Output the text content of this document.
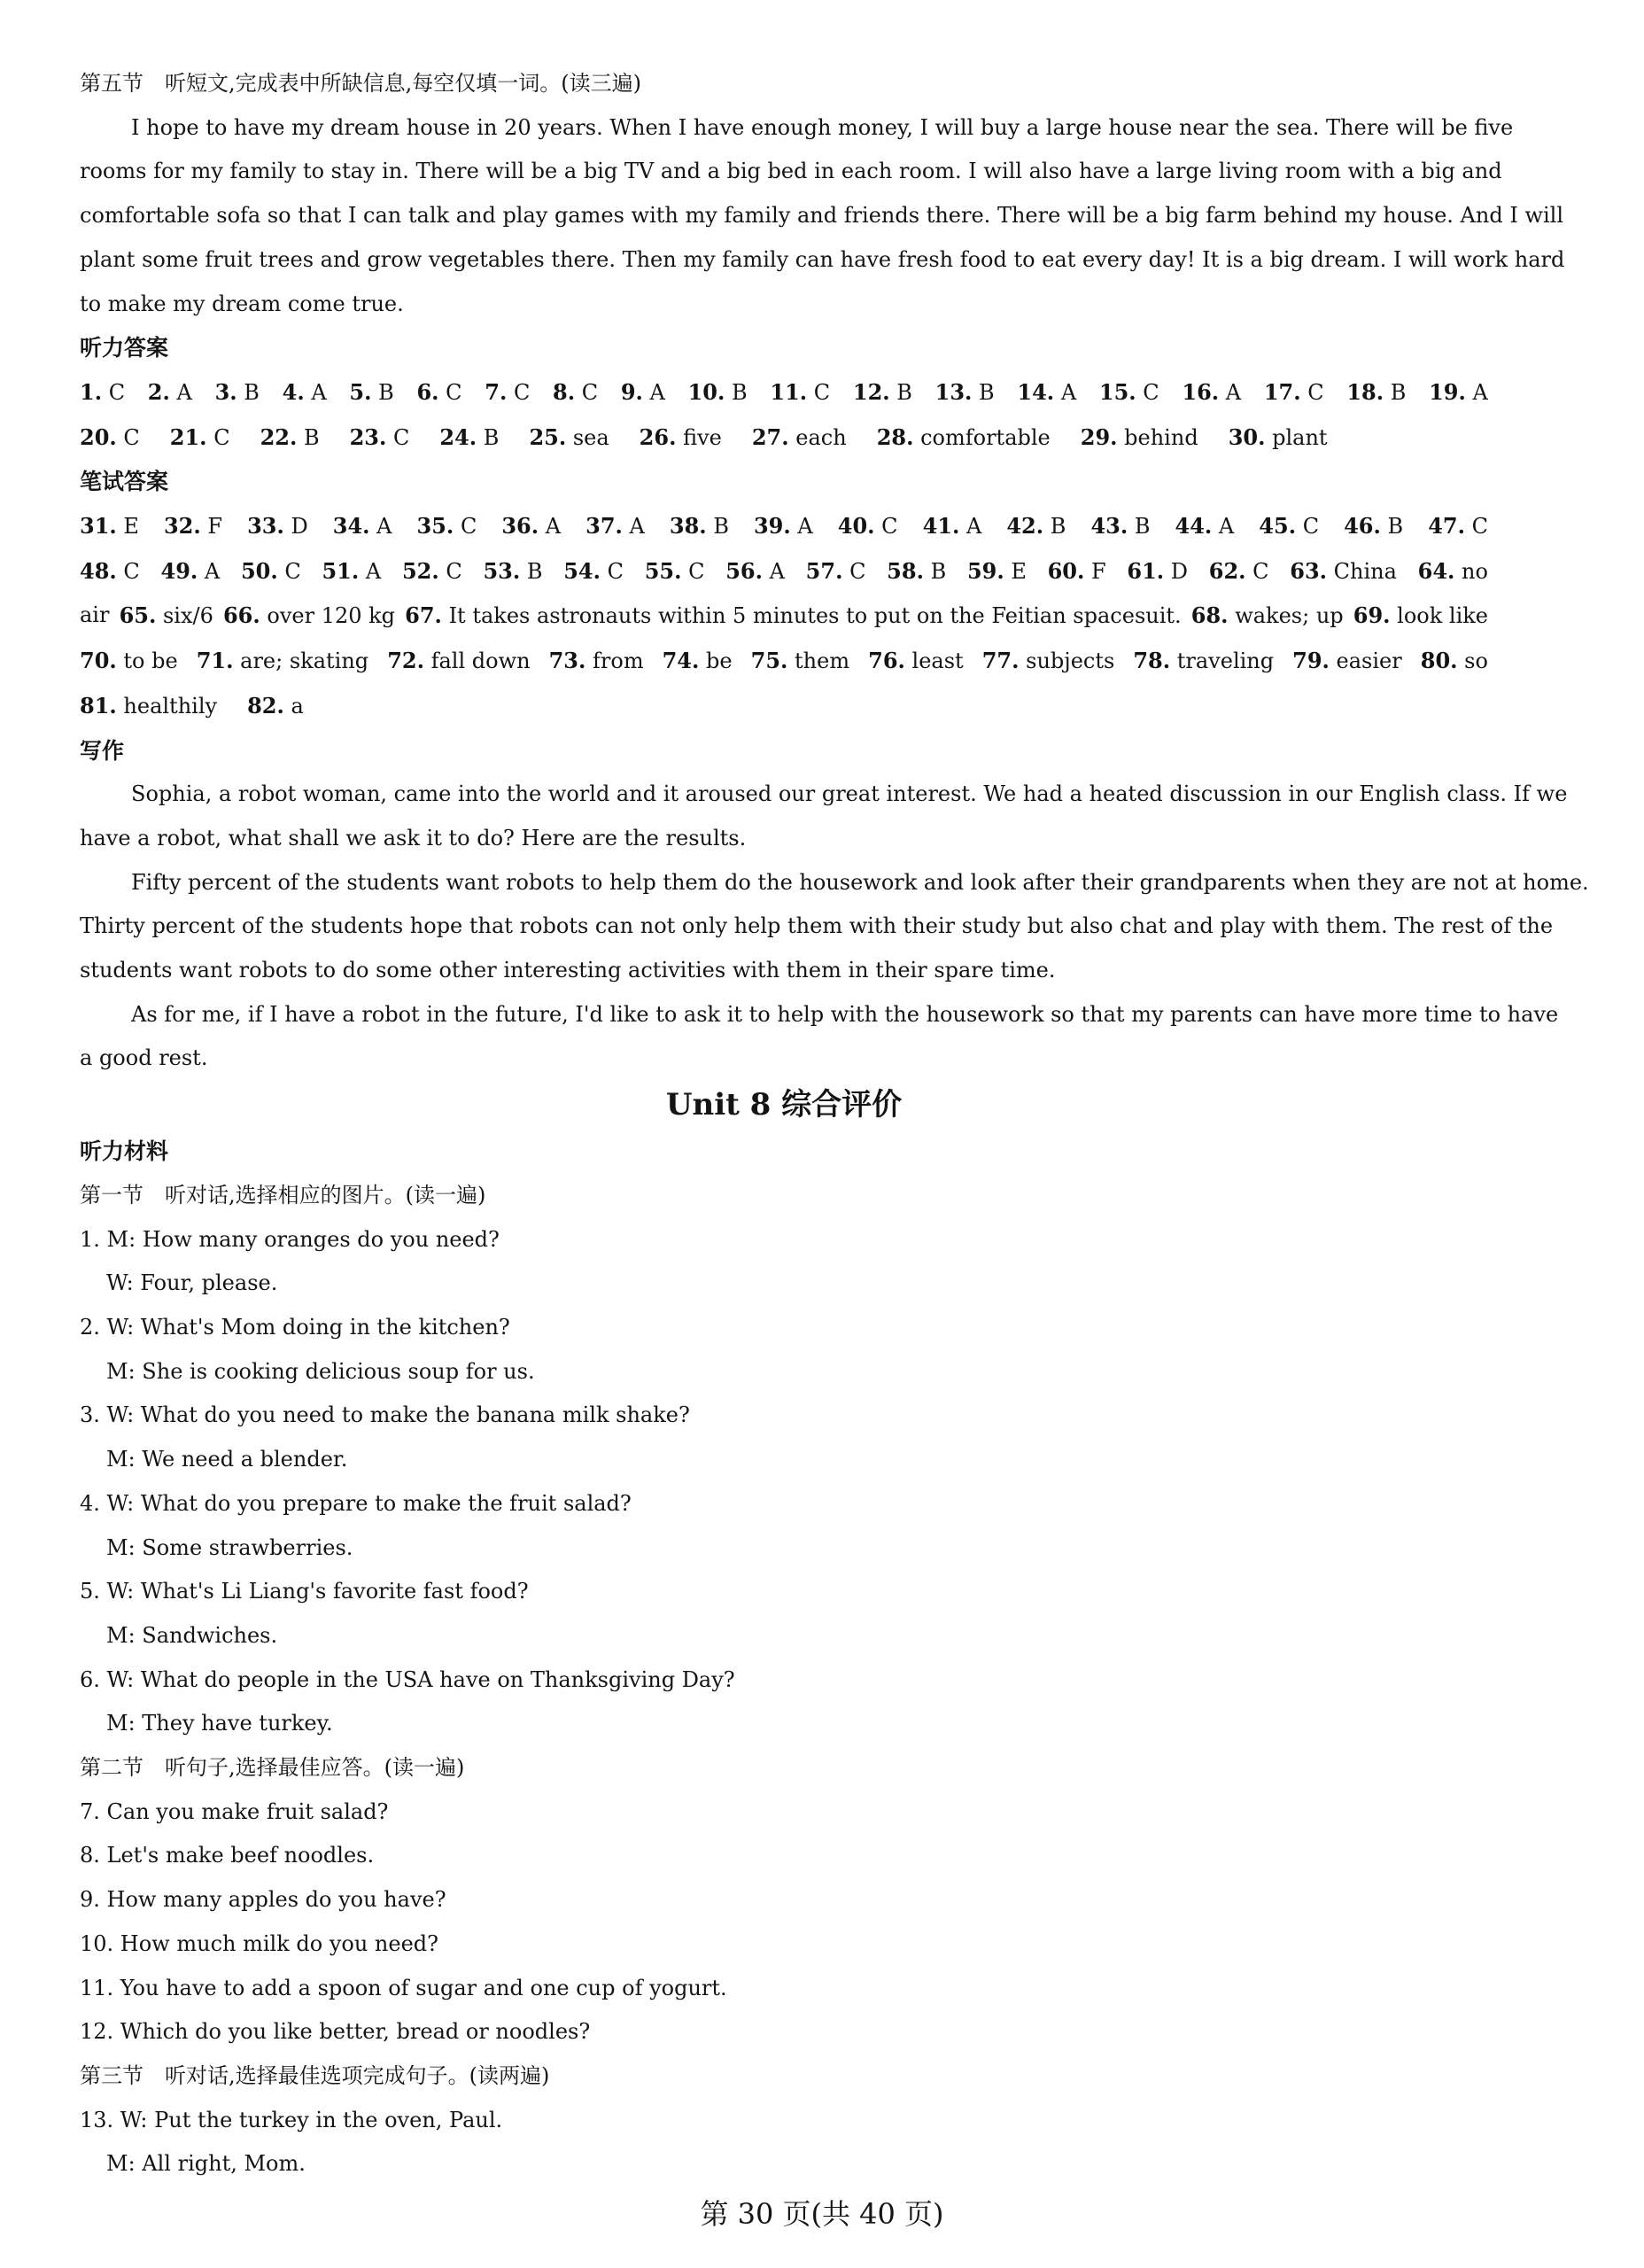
第五节　听短文,完成表中所缺信息,每空仅填一词。(读三遍)
I hope to have my dream house in 20 years. When I have enough money, I will buy a large house near the sea. There will be five
rooms for my family to stay in. There will be a big TV and a big bed in each room. I will also have a large living room with a big and
comfortable sofa so that I can talk and play games with my family and friends there. There will be a big farm behind my house. And I will
plant some fruit trees and grow vegetables there. Then my family can have fresh food to eat every day! It is a big dream. I will work hard
to make my dream come true.
听力答案
1. C 2. A 3. B 4. A 5. B 6. C 7. C 8. C 9. A 10. B 11. C 12. B 13. B 14. A 15. C 16. A 17. C 18. B 19. A
20. C 21. C 22. B 23. C 24. B 25. sea 26. five 27. each 28. comfortable 29. behind 30. plant
笔试答案
31. E 32. F 33. D 34. A 35. C 36. A 37. A 38. B 39. A 40. C 41. A 42. B 43. B 44. A 45. C 46. B 47. C
48. C 49. A 50. C 51. A 52. C 53. B 54. C 55. C 56. A 57. C 58. B 59. E 60. F 61. D 62. C 63. China 64. no
air 65. six/6 66. over 120 kg 67. It takes astronauts within 5 minutes to put on the Feitian spacesuit. 68. wakes; up 69. look like
70. to be 71. are; skating 72. fall down 73. from 74. be 75. them 76. least 77. subjects 78. traveling 79. easier 80. so
81. healthily 82. a
写作
Sophia, a robot woman, came into the world and it aroused our great interest. We had a heated discussion in our English class. If we
have a robot, what shall we ask it to do? Here are the results.
Fifty percent of the students want robots to help them do the housework and look after their grandparents when they are not at home.
Thirty percent of the students hope that robots can not only help them with their study but also chat and play with them. The rest of the
students want robots to do some other interesting activities with them in their spare time.
As for me, if I have a robot in the future, I'd like to ask it to help with the housework so that my parents can have more time to have
a good rest.
Unit 8 综合评价
听力材料
第一节　听对话,选择相应的图片。(读一遍)
1. M: How many oranges do you need?
W: Four, please.
2. W: What's Mom doing in the kitchen?
M: She is cooking delicious soup for us.
3. W: What do you need to make the banana milk shake?
M: We need a blender.
4. W: What do you prepare to make the fruit salad?
M: Some strawberries.
5. W: What's Li Liang's favorite fast food?
M: Sandwiches.
6. W: What do people in the USA have on Thanksgiving Day?
M: They have turkey.
第二节　听句子,选择最佳应答。(读一遍)
7. Can you make fruit salad?
8. Let's make beef noodles.
9. How many apples do you have?
10. How much milk do you need?
11. You have to add a spoon of sugar and one cup of yogurt.
12. Which do you like better, bread or noodles?
第三节　听对话,选择最佳选项完成句子。(读两遍)
13. W: Put the turkey in the oven, Paul.
M: All right, Mom.
第 30 页(共 40 页)
